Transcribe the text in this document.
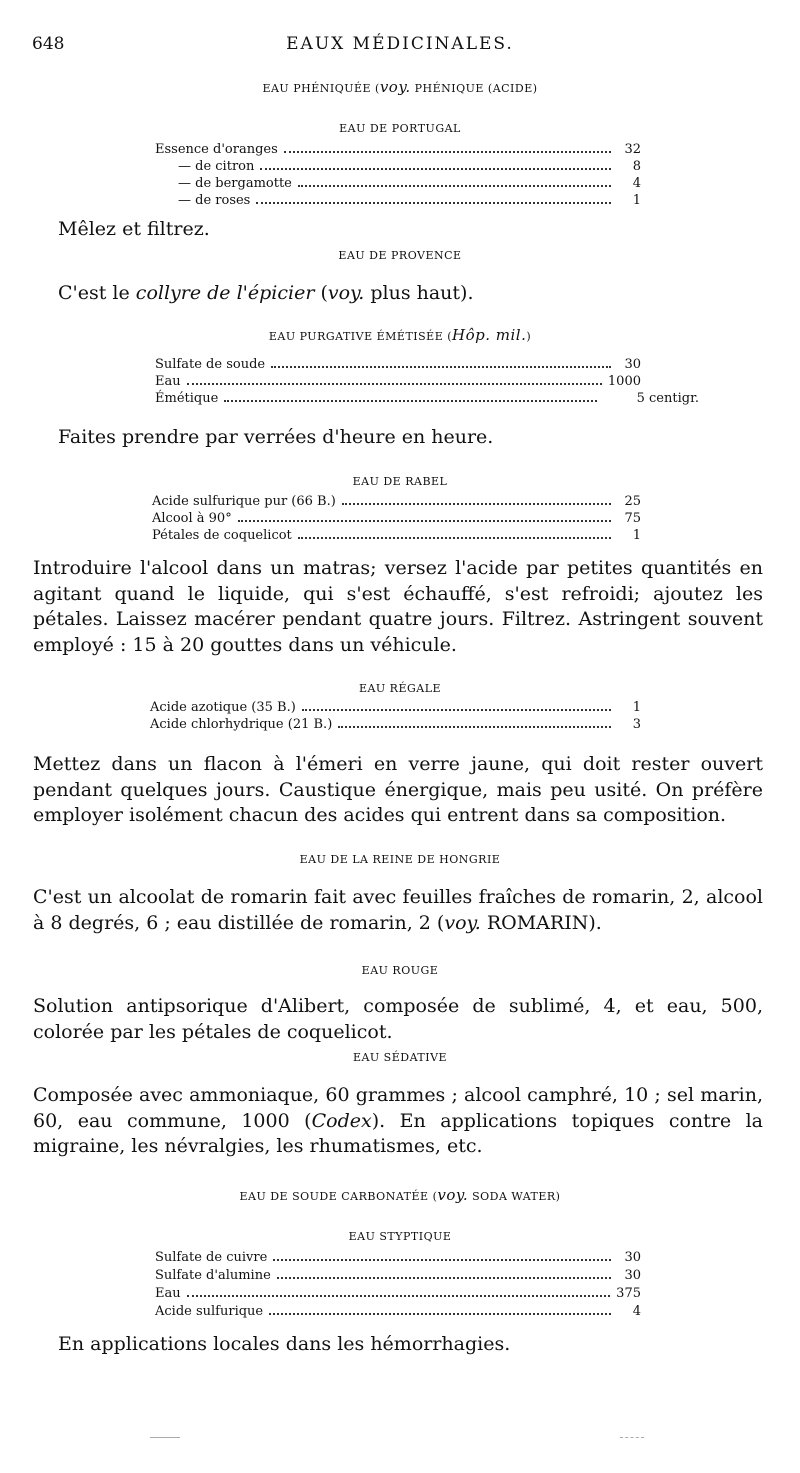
648	EAUX MÉDICINALES.
EAU PHÉNIQUÉE (voy. PHÉNIQUE (ACIDE)
EAU DE PORTUGAL
Essence d'oranges	32
— de citron	8
— de bergamotte	4
— de roses	1
Mêlez et filtrez.
EAU DE PROVENCE
C'est le collyre de l'épicier (voy. plus haut).
EAU PURGATIVE ÉMÉTISÉE (Hôp. mil.)
Sulfate de soude	30
Eau	1000
Émétique	5 centigr.
Faites prendre par verrées d'heure en heure.
EAU DE RABEL
Acide sulfurique pur (66 B.)	25
Alcool à 90°	75
Pétales de coquelicot	1
Introduire l'alcool dans un matras; versez l'acide par petites quantités en agitant quand le liquide, qui s'est échauffé, s'est refroidi; ajoutez les pétales. Laissez macérer pendant quatre jours. Filtrez. Astringent souvent employé : 15 à 20 gouttes dans un véhicule.
EAU RÉGALE
Acide azotique (35 B.)	1
Acide chlorhydrique (21 B.)	3
Mettez dans un flacon à l'émeri en verre jaune, qui doit rester ouvert pendant quelques jours. Caustique énergique, mais peu usité. On préfère employer isolément chacun des acides qui entrent dans sa composition.
EAU DE LA REINE DE HONGRIE
C'est un alcoolat de romarin fait avec feuilles fraîches de romarin, 2, alcool à 8 degrés, 6 ; eau distillée de romarin, 2 (voy. ROMARIN).
EAU ROUGE
Solution antipsorique d'Alibert, composée de sublimé, 4, et eau, 500, colorée par les pétales de coquelicot.
EAU SÉDATIVE
Composée avec ammoniaque, 60 grammes ; alcool camphré, 10 ; sel marin, 60, eau commune, 1000 (Codex). En applications topiques contre la migraine, les névralgies, les rhumatismes, etc.
EAU DE SOUDE CARBONATÉE (voy. SODA WATER)
EAU STYPTIQUE
Sulfate de cuivre	30
Sulfate d'alumine	30
Eau	375
Acide sulfurique	4
En applications locales dans les hémorrhagies.
